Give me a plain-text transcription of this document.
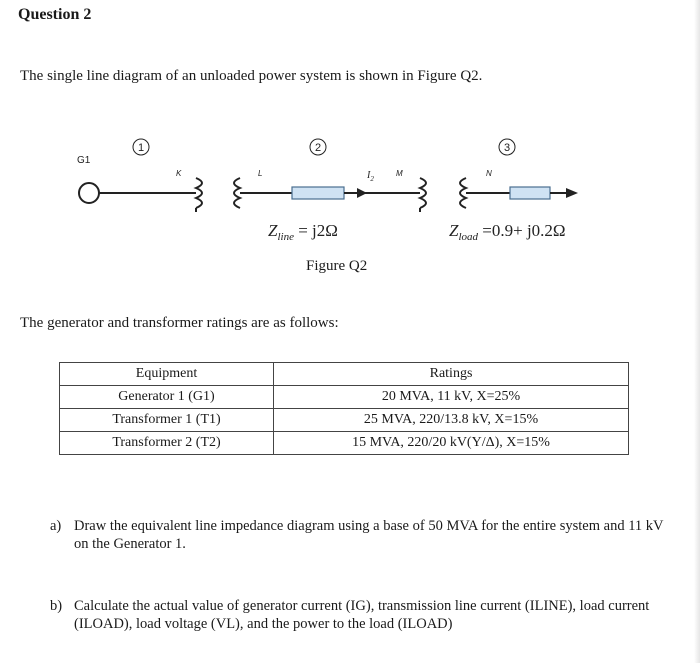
Question 2
The single line diagram of an unloaded power system is shown in Figure Q2.
G1
K
1
L
2
$I_2$
M	N
3
$Z_{line} = j2\Omega$	$Z_{load} =0.9+ j0.2\Omega$
Figure Q2
The generator and transformer ratings are as follows:
Equipment	Ratings
Generator 1 (G1)	20 MVA, 11 kV, X=25%
Transformer 1 (T1)	25 MVA, 220/13.8 kV, X=15%
Transformer 2 (T2)	15 MVA, 220/20 kV(Y/Δ), X=15%
a) Draw the equivalent line impedance diagram using a base of 50 MVA for the entire system and 11 kV on the Generator 1.
b) Calculate the actual value of generator current (IG), transmission line current (ILINE), load current (ILOAD), load voltage (VL), and the power to the load (ILOAD)
